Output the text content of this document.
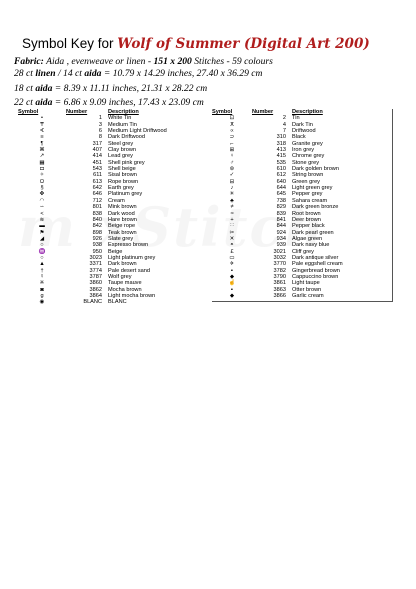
Symbol Key for Wolf of Summer (Digital Art 200)
Fabric: Aida , evenweave or linen - 151 x 200 Stitches - 59 colours
28 ct linen / 14 ct aida = 10.79 x 14.29 inches, 27.40 x 36.29 cm
18 ct aida = 8.39 x 11.11 inches, 21.31 x 28.22 cm
22 ct aida = 6.86 x 9.09 inches, 17.43 x 23.09 cm
Symbol	Number	Description
•	1	White Tin
₸	3	Medium Tin
∢	6	Medium Light Driftwood
≡	8	Dark Driftwood
¶	317	Steel grey
⌘	407	Clay brown
↗	414	Lead grey
▦	451	Shell pink grey
◘	543	Shell beige
✧	611	Sisal brown
Ω	613	Rope brown
§	642	Earth grey
✤	646	Platinum grey
◠	712	Cream
∽	801	Mink brown
<	838	Dark wood
≋	840	Hare brown
▬	842	Beige rope
⚑	898	Teak brown
◢	926	Slate grey
○	938	Espresso brown
♒	950	Beige
○	3023	Light platinum grey
▲	3371	Dark brown
†	3774	Pale desert sand
☿	3787	Wolf grey
※	3860	Taupe mauve
◙	3862	Mocha brown
g	3864	Light mocha brown
◉	BLANC	BLANC
Symbol	Number	Description
⊡	2	Tin
ⵅ	4	Dark Tin
∝	7	Driftwood
⊃	310	Black
⌐	318	Granite grey
⊞	413	Iron grey
♀	415	Chrome grey
♂	535	Stone grey
⊚	610	Dark golden brown
✓	612	String brown
⊟	640	Green grey
♪	644	Light green grey
✳	645	Pepper grey
♣	738	Sahara cream
≠	829	Dark green bronze
≈	839	Root brown
+	841	Deer brown
∷	844	Pepper black
✂	924	Dark pearl green
✕	934	Algae green
◓	939	Dark navy blue
£	3021	Cliff grey
▭	3032	Dark antique silver
✈	3770	Pale eggshell cream
▪	3782	Gingerbread brown
◆	3790	Cappuccino brown
☝	3861	Light taupe
▪	3863	Otter brown
◆	3866	Garlic cream
